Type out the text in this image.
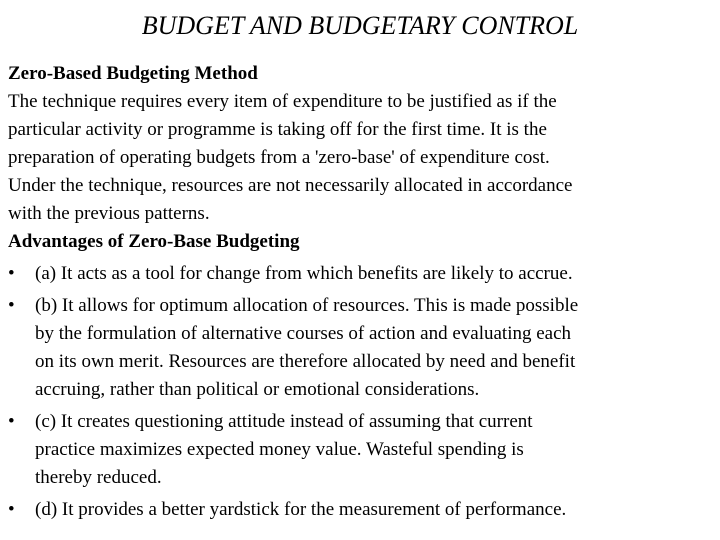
BUDGET AND BUDGETARY CONTROL

Zero-Based Budgeting Method

The technique requires every item of expenditure to be justified as if the
particular activity or programme is taking off for the first time. It is the
preparation of operating budgets from a 'zero-base' of expenditure cost.
Under the technique, resources are not necessarily allocated in accordance
with the previous patterns.

Advantages of Zero-Base Budgeting

•	(a) It acts as a tool for change from which benefits are likely to accrue.
•	(b) It allows for optimum allocation of resources. This is made possible
by the formulation of alternative courses of action and evaluating each
on its own merit. Resources are therefore allocated by need and benefit
accruing, rather than political or emotional considerations.
•	(c) It creates questioning attitude instead of assuming that current
practice maximizes expected money value. Wasteful spending is
thereby reduced.
•	(d) It provides a better yardstick for the measurement of performance.
